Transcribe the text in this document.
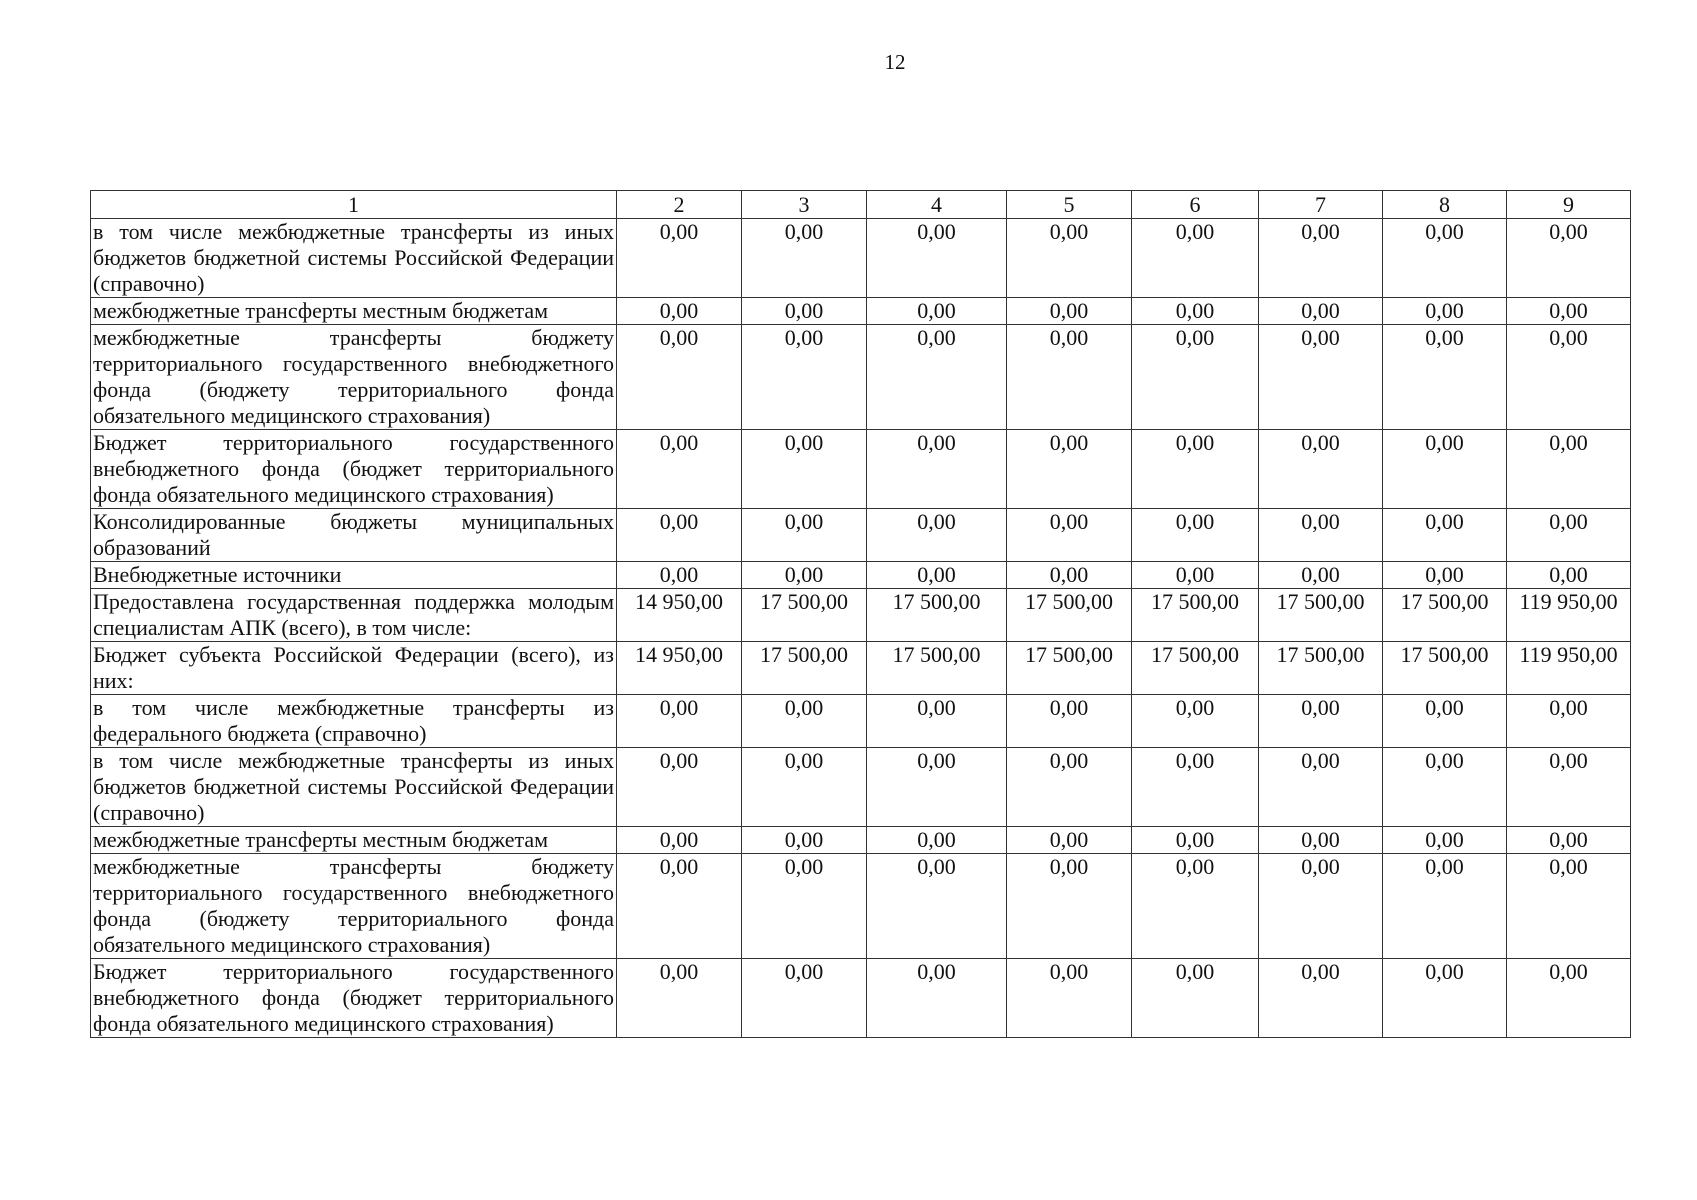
12
1	2	3	4	5	6	7	8	9
в том числе межбюджетные трансферты из иных бюджетов бюджетной системы Российской Федерации (справочно)	0,00	0,00	0,00	0,00	0,00	0,00	0,00	0,00
межбюджетные трансферты местным бюджетам	0,00	0,00	0,00	0,00	0,00	0,00	0,00	0,00
межбюджетные трансферты бюджету территориального государственного внебюджетного фонда (бюджету территориального фонда обязательного медицинского страхования)	0,00	0,00	0,00	0,00	0,00	0,00	0,00	0,00
Бюджет территориального государственного внебюджетного фонда (бюджет территориального фонда обязательного медицинского страхования)	0,00	0,00	0,00	0,00	0,00	0,00	0,00	0,00
Консолидированные бюджеты муниципальных образований	0,00	0,00	0,00	0,00	0,00	0,00	0,00	0,00
Внебюджетные источники	0,00	0,00	0,00	0,00	0,00	0,00	0,00	0,00
Предоставлена государственная поддержка молодым специалистам АПК (всего), в том числе:	14 950,00	17 500,00	17 500,00	17 500,00	17 500,00	17 500,00	17 500,00	119 950,00
Бюджет субъекта Российской Федерации (всего), из них:	14 950,00	17 500,00	17 500,00	17 500,00	17 500,00	17 500,00	17 500,00	119 950,00
в том числе межбюджетные трансферты из федерального бюджета (справочно)	0,00	0,00	0,00	0,00	0,00	0,00	0,00	0,00
в том числе межбюджетные трансферты из иных бюджетов бюджетной системы Российской Федерации (справочно)	0,00	0,00	0,00	0,00	0,00	0,00	0,00	0,00
межбюджетные трансферты местным бюджетам	0,00	0,00	0,00	0,00	0,00	0,00	0,00	0,00
межбюджетные трансферты бюджету территориального государственного внебюджетного фонда (бюджету территориального фонда обязательного медицинского страхования)	0,00	0,00	0,00	0,00	0,00	0,00	0,00	0,00
Бюджет территориального государственного внебюджетного фонда (бюджет территориального фонда обязательного медицинского страхования)	0,00	0,00	0,00	0,00	0,00	0,00	0,00	0,00
